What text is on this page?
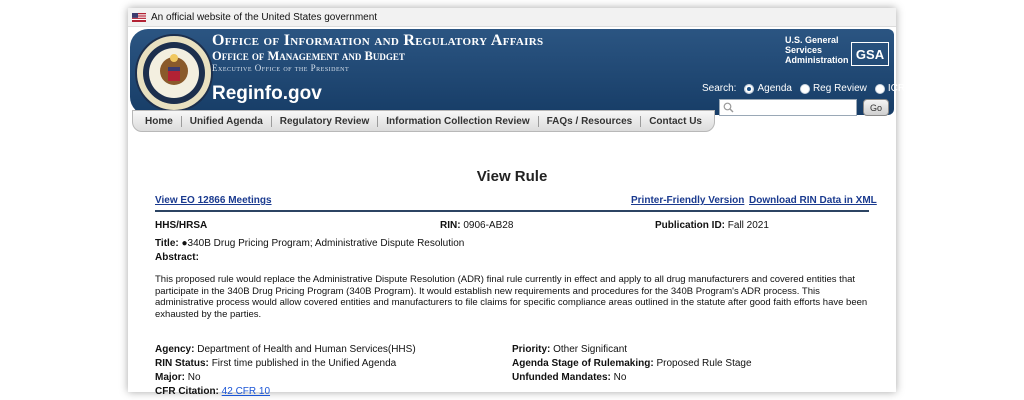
An official website of the United States government
Office of Information and Regulatory Affairs
Office of Management and Budget
Executive Office of the President
Reginfo.gov
U.S. General Services Administration GSA
Search: Agenda Reg Review ICR
Go
Home	Unified Agenda	Regulatory Review	Information Collection Review	FAQs / Resources	Contact Us
View Rule
View EO 12866 Meetings	Printer-Friendly Version Download RIN Data in XML
HHS/HRSA	RIN: 0906-AB28	Publication ID: Fall 2021
Title: ●340B Drug Pricing Program; Administrative Dispute Resolution
Abstract:
This proposed rule would replace the Administrative Dispute Resolution (ADR) final rule currently in effect and apply to all drug manufacturers and covered entities that participate in the 340B Drug Pricing Program (340B Program). It would establish new requirements and procedures for the 340B Program's ADR process. This administrative process would allow covered entities and manufacturers to file claims for specific compliance areas outlined in the statute after good faith efforts have been exhausted by the parties.
Agency: Department of Health and Human Services(HHS)	Priority: Other Significant
RIN Status: First time published in the Unified Agenda	Agenda Stage of Rulemaking: Proposed Rule Stage
Major: No	Unfunded Mandates: No
CFR Citation: 42 CFR 10
